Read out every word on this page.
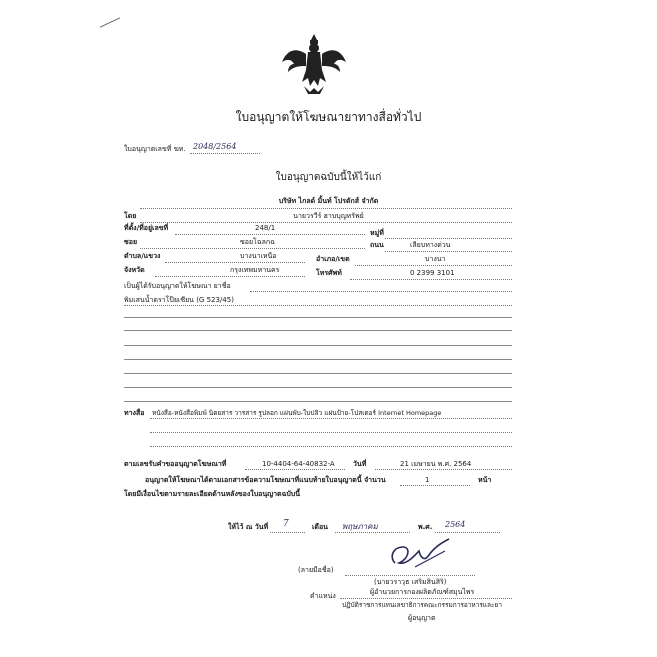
ใบอนุญาตให้โฆษณายาทางสื่อทั่วไป
ใบอนุญาตเลขที่ ฆท. 2048/2564
ใบอนุญาตฉบับนี้ให้ไว้แก่
บริษัท ไกลด์ มิ้นท์ โปรดักส์ จำกัด
โดย	นายวรวีร์ ฮาบบุญทรัพย์
ที่ตั้ง/ที่อยู่เลขที่	248/1
หมู่ที่
ซอย	ซอยโฉลกฉ	ถนน	เลียบทางด่วน
ตำบล/แขวง	บางนาเหนือ	อำเภอ/เขต	บางนา
จังหวัด	กรุงเทพมหานคร	โทรศัพท์	0 2399 3101
เป็นผู้ได้รับอนุญาตให้โฆษณา ยาชื่อ
พิมเสนน้ำตราโป๊ยเซียน (G 523/45)
ทางสื่อ หนังสือ-หนังสือพิมพ์ นิตยสาร วารสาร รูปลอก แผ่นพับ-ใบปลิว แผ่นป้าย-โปสเตอร์ Internet Homepage
ตามเลขรับคำขออนุญาตโฆษณาที่	10-4404-64-40832-A	วันที่	21 เมษายน พ.ศ. 2564
อนุญาตให้โฆษณาได้ตามเอกสารข้อความโฆษณาที่แนบท้ายใบอนุญาตนี้ จำนวน	1	หน้า
โดยมีเงื่อนไขตามรายละเอียดด้านหลังของใบอนุญาตฉบับนี้
ให้ไว้ ณ วันที่ 7	เดือน พฤษภาคม	พ.ศ. 2564
(ลายมือชื่อ)
(นายวราวุธ เสริมสินสิริ)
ตำแหน่ง	ผู้อำนวยการกองผลิตภัณฑ์สมุนไพร
ปฏิบัติราชการแทนเลขาธิการคณะกรรมการอาหารและยา
ผู้อนุญาต
